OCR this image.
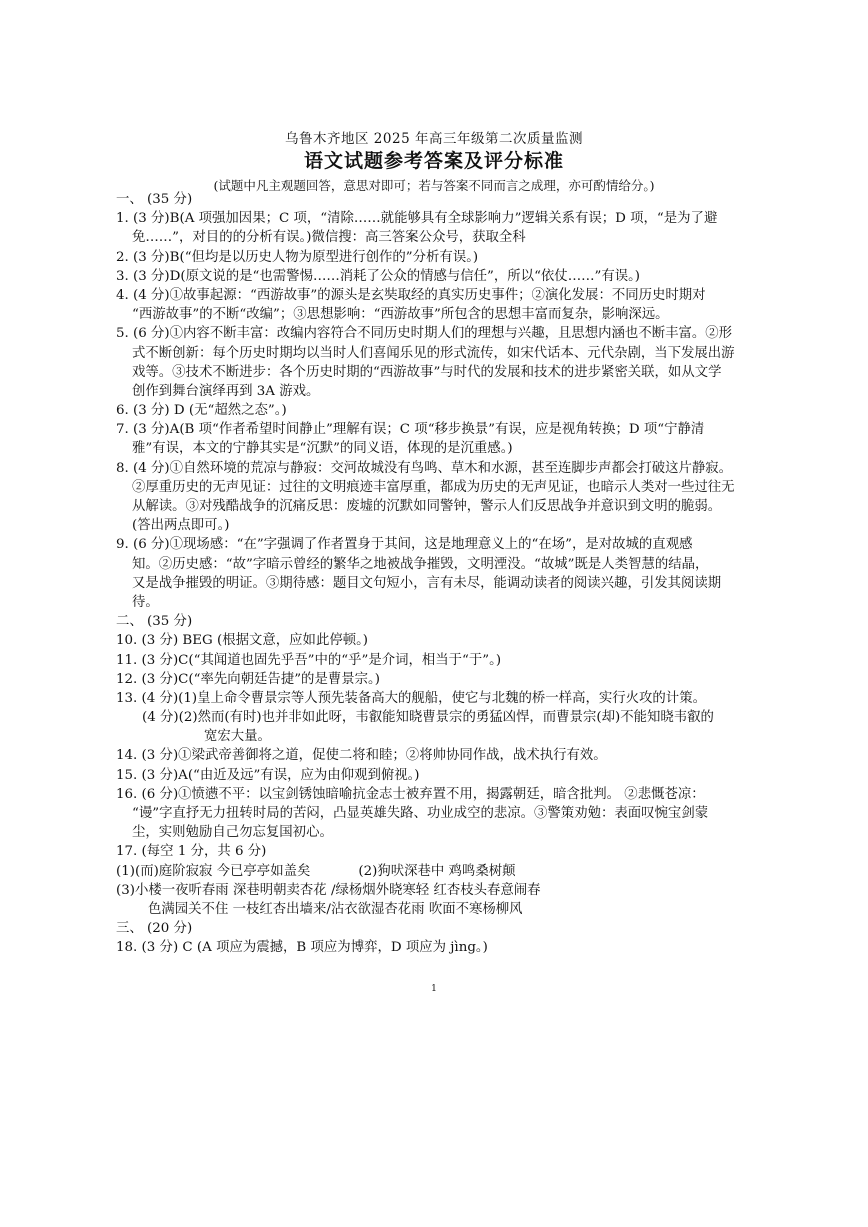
乌鲁木齐地区 2025 年高三年级第二次质量监测
语文试题参考答案及评分标准
(试题中凡主观题回答，意思对即可；若与答案不同而言之成理，亦可酌情给分。)
一、 (35 分)
1. (3 分)B(A 项强加因果；C 项，“清除……就能够具有全球影响力”逻辑关系有误；D 项，“是为了避
免……”，对目的的分析有误。)微信搜：高三答案公众号，获取全科
2. (3 分)B(“但均是以历史人物为原型进行创作的”分析有误。)
3. (3 分)D(原文说的是“也需警惕……消耗了公众的情感与信任”，所以“依仗……”有误。)
4. (4 分)①故事起源：“西游故事”的源头是玄奘取经的真实历史事件；②演化发展：不同历史时期对
“西游故事”的不断“改编”；③思想影响：“西游故事”所包含的思想丰富而复杂，影响深远。
5. (6 分)①内容不断丰富：改编内容符合不同历史时期人们的理想与兴趣，且思想内涵也不断丰富。②形
式不断创新：每个历史时期均以当时人们喜闻乐见的形式流传，如宋代话本、元代杂剧，当下发展出游
戏等。③技术不断进步：各个历史时期的“西游故事”与时代的发展和技术的进步紧密关联，如从文学
创作到舞台演绎再到 3A 游戏。
6. (3 分) D (无“超然之态”。)
7. (3 分)A(B 项“作者希望时间静止”理解有误；C 项“移步换景”有误，应是视角转换；D 项“宁静清
雅”有误，本文的宁静其实是“沉默”的同义语，体现的是沉重感。)
8. (4 分)①自然环境的荒凉与静寂：交河故城没有鸟鸣、草木和水源，甚至连脚步声都会打破这片静寂。
②厚重历史的无声见证：过往的文明痕迹丰富厚重，都成为历史的无声见证，也暗示人类对一些过往无
从解读。③对残酷战争的沉痛反思：废墟的沉默如同警钟，警示人们反思战争并意识到文明的脆弱。
(答出两点即可。)
9. (6 分)①现场感：“在”字强调了作者置身于其间，这是地理意义上的“在场”，是对故城的直观感
知。②历史感：“故”字暗示曾经的繁华之地被战争摧毁，文明湮没。“故城”既是人类智慧的结晶，
又是战争摧毁的明证。③期待感：题目文句短小，言有未尽，能调动读者的阅读兴趣，引发其阅读期
待。
二、 (35 分)
10. (3 分) BEG (根据文意，应如此停顿。)
11. (3 分)C(“其闻道也固先乎吾”中的“乎”是介词，相当于“于”。)
12. (3 分)C(“率先向朝廷告捷”的是曹景宗。)
13. (4 分)(1)皇上命令曹景宗等人预先装备高大的舰船，使它与北魏的桥一样高，实行火攻的计策。
(4 分)(2)然而(有时)也并非如此呀，韦叡能知晓曹景宗的勇猛凶悍，而曹景宗(却)不能知晓韦叡的
宽宏大量。
14. (3 分)①梁武帝善御将之道，促使二将和睦；②将帅协同作战，战术执行有效。
15. (3 分)A(“由近及远”有误，应为由仰观到俯视。)
16. (6 分)①愤懑不平：以宝剑锈蚀暗喻抗金志士被弃置不用，揭露朝廷，暗含批判。 ②悲慨苍凉：
“谩”字直抒无力扭转时局的苦闷，凸显英雄失路、功业成空的悲凉。③警策劝勉：表面叹惋宝剑蒙
尘，实则勉励自己勿忘复国初心。
17. (每空 1 分，共 6 分)
(1)(而)庭阶寂寂 今已亭亭如盖矣	(2)狗吠深巷中 鸡鸣桑树颠
(3)小楼一夜听春雨 深巷明朝卖杏花 /绿杨烟外晓寒轻 红杏枝头春意闹春
色满园关不住 一枝红杏出墙来/沾衣欲湿杏花雨 吹面不寒杨柳风
三、 (20 分)
18. (3 分) C (A 项应为震撼，B 项应为博弈，D 项应为 jìng。)
1
